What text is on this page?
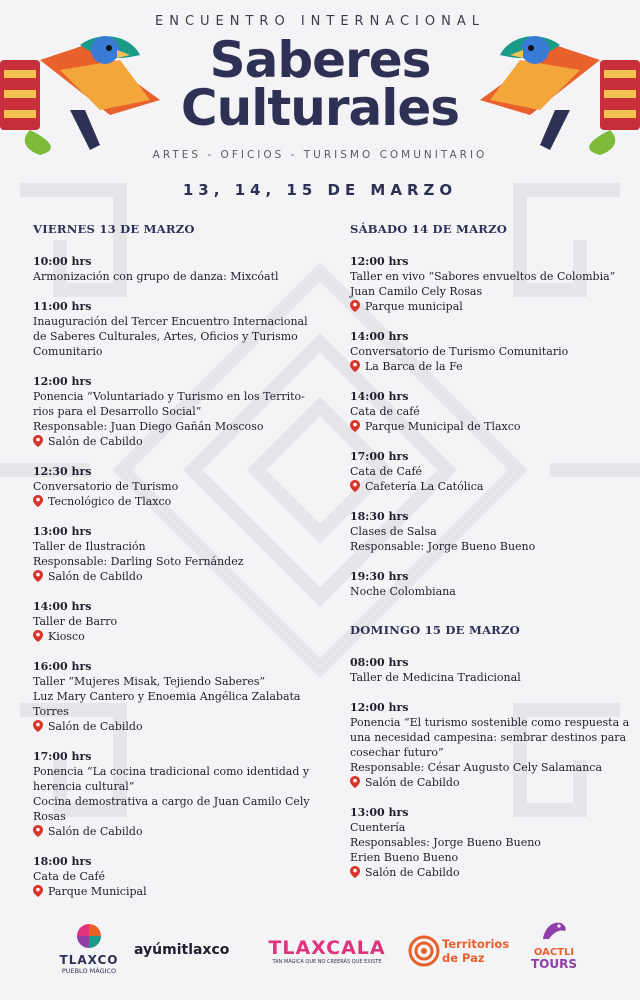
ENCUENTRO INTERNACIONAL
Saberes
Culturales
ARTES - OFICIOS - TURISMO COMUNITARIO
13, 14, 15 DE MARZO
VIERNES 13 DE MARZO
10:00 hrs
Armonización con grupo de danza: Mixcóatl
11:00 hrs
Inauguración del Tercer Encuentro Internacional
de Saberes Culturales, Artes, Oficios y Turismo
Comunitario
12:00 hrs
Ponencia “Voluntariado y Turismo en los Territo-
rios para el Desarrollo Social”
Responsable: Juan Diego Gañán Moscoso
Salón de Cabildo
12:30 hrs
Conversatorio de Turismo
Tecnológico de Tlaxco
13:00 hrs
Taller de Ilustración
Responsable: Darling Soto Fernández
Salón de Cabildo
14:00 hrs
Taller de Barro
Kiosco
16:00 hrs
Taller “Mujeres Misak, Tejiendo Saberes”
Luz Mary Cantero y Enoemia Angélica Zalabata
Torres
Salón de Cabildo
17:00 hrs
Ponencia “La cocina tradicional como identidad y
herencia cultural”
Cocina demostrativa a cargo de Juan Camilo Cely
Rosas
Salón de Cabildo
18:00 hrs
Cata de Café
Parque Municipal
SÁBADO 14 DE MARZO
12:00 hrs
Taller en vivo “Sabores envueltos de Colombia”
Juan Camilo Cely Rosas
Parque municipal
14:00 hrs
Conversatorio de Turismo Comunitario
La Barca de la Fe
14:00 hrs
Cata de café
Parque Municipal de Tlaxco
17:00 hrs
Cata de Café
Cafetería La Católica
18:30 hrs
Clases de Salsa
Responsable: Jorge Bueno Bueno
19:30 hrs
Noche Colombiana
DOMINGO 15 DE MARZO
08:00 hrs
Taller de Medicina Tradicional
12:00 hrs
Ponencia “El turismo sostenible como respuesta a
una necesidad campesina: sembrar destinos para
cosechar futuro”
Responsable: César Augusto Cely Salamanca
Salón de Cabildo
13:00 hrs
Cuentería
Responsables: Jorge Bueno Bueno
Erien Bueno Bueno
Salón de Cabildo
TLAXCO
PUEBLO MÁGICO
ayúmitlaxco	TLAXCALA
TAN MÁGICA QUE NO CREERÁS QUE EXISTE
Territorios
de Paz	OACTLI
TOURS
